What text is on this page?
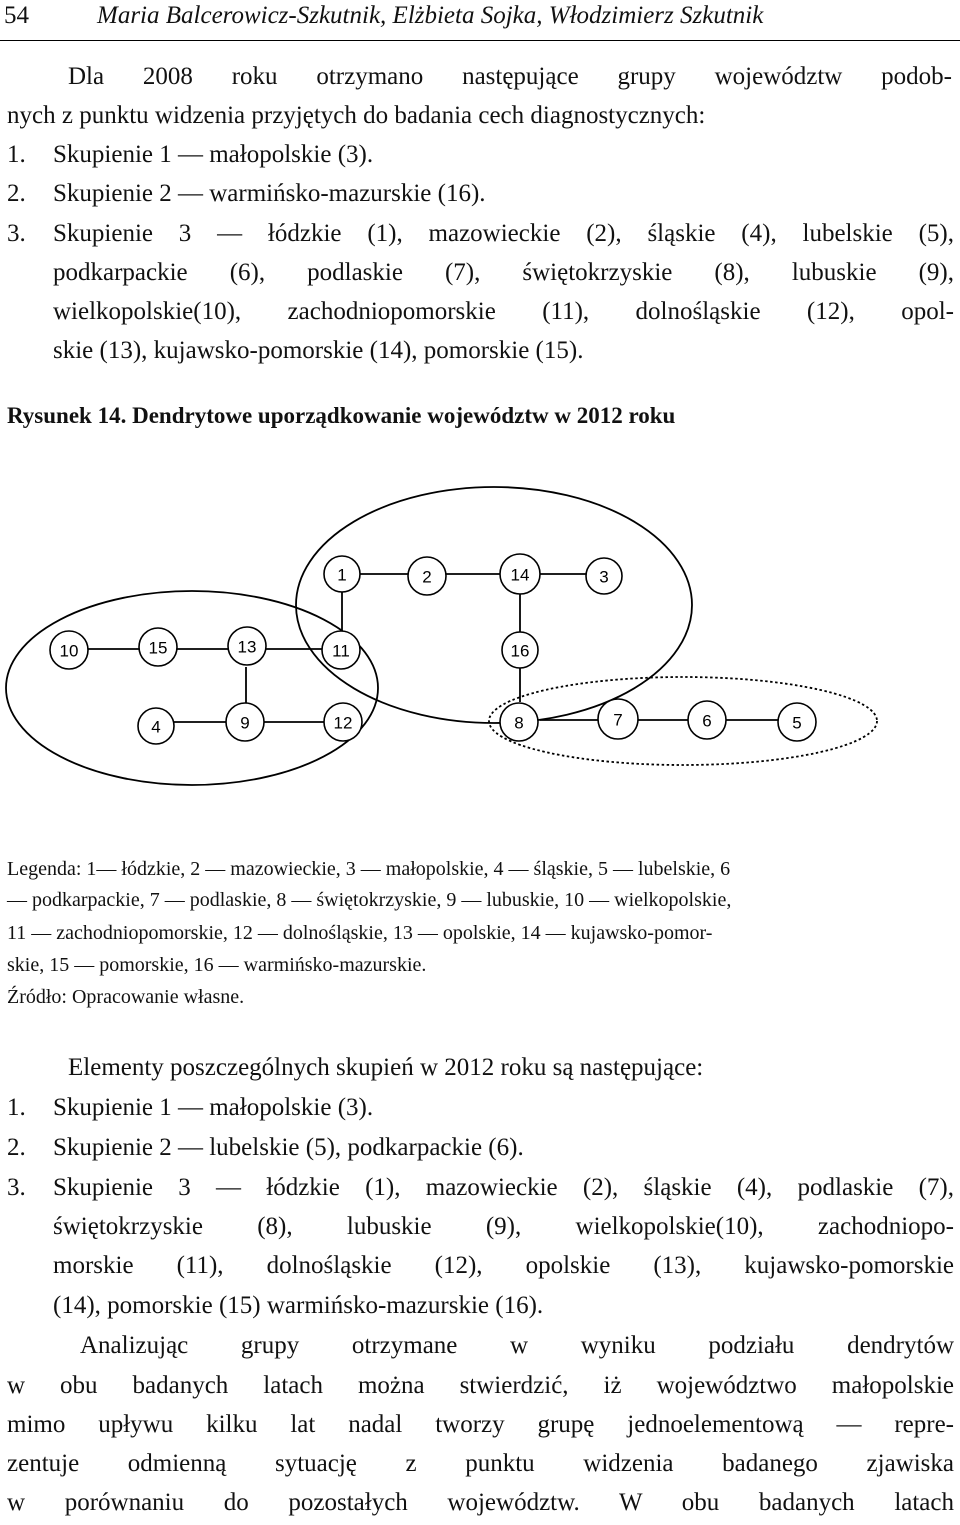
54	Maria Balcerowicz-Szkutnik, Elżbieta Sojka, Włodzimierz Szkutnik
Dla 2008 roku otrzymano następujące grupy województw podob-
nych z punktu widzenia przyjętych do badania cech diagnostycznych:
1. Skupienie 1 — małopolskie (3).
2. Skupienie 2 — warmińsko-mazurskie (16).
3. Skupienie 3 — łódzkie (1), mazowieckie (2), śląskie (4), lubelskie (5),
podkarpackie (6), podlaskie (7), świętokrzyskie (8), lubuskie (9),
wielkopolskie(10), zachodniopomorskie (11), dolnośląskie (12), opol-
skie (13), kujawsko-pomorskie (14), pomorskie (15).
Rysunek 14. Dendrytowe uporządkowanie województw w 2012 roku
1	2	14	3
10	15	13	11	16
4	9	12	8	7	6	5
Legenda: 1— łódzkie, 2 — mazowieckie, 3 — małopolskie, 4 — śląskie, 5 — lubelskie, 6
— podkarpackie, 7 — podlaskie, 8 — świętokrzyskie, 9 — lubuskie, 10 — wielkopolskie,
11 — zachodniopomorskie, 12 — dolnośląskie, 13 — opolskie, 14 — kujawsko-pomor-
skie, 15 — pomorskie, 16 — warmińsko-mazurskie.
Źródło: Opracowanie własne.
Elementy poszczególnych skupień w 2012 roku są następujące:
1. Skupienie 1 — małopolskie (3).
2. Skupienie 2 — lubelskie (5), podkarpackie (6).
3. Skupienie 3 — łódzkie (1), mazowieckie (2), śląskie (4), podlaskie (7),
świętokrzyskie (8), lubuskie (9), wielkopolskie(10), zachodniopo-
morskie (11), dolnośląskie (12), opolskie (13), kujawsko-pomorskie
(14), pomorskie (15) warmińsko-mazurskie (16).
Analizując grupy otrzymane w wyniku podziału dendrytów
w obu badanych latach można stwierdzić, iż województwo małopolskie
mimo upływu kilku lat nadal tworzy grupę jednoelementową — repre-
zentuje odmienną sytuację z punktu widzenia badanego zjawiska
w porównaniu do pozostałych województw. W obu badanych latach
